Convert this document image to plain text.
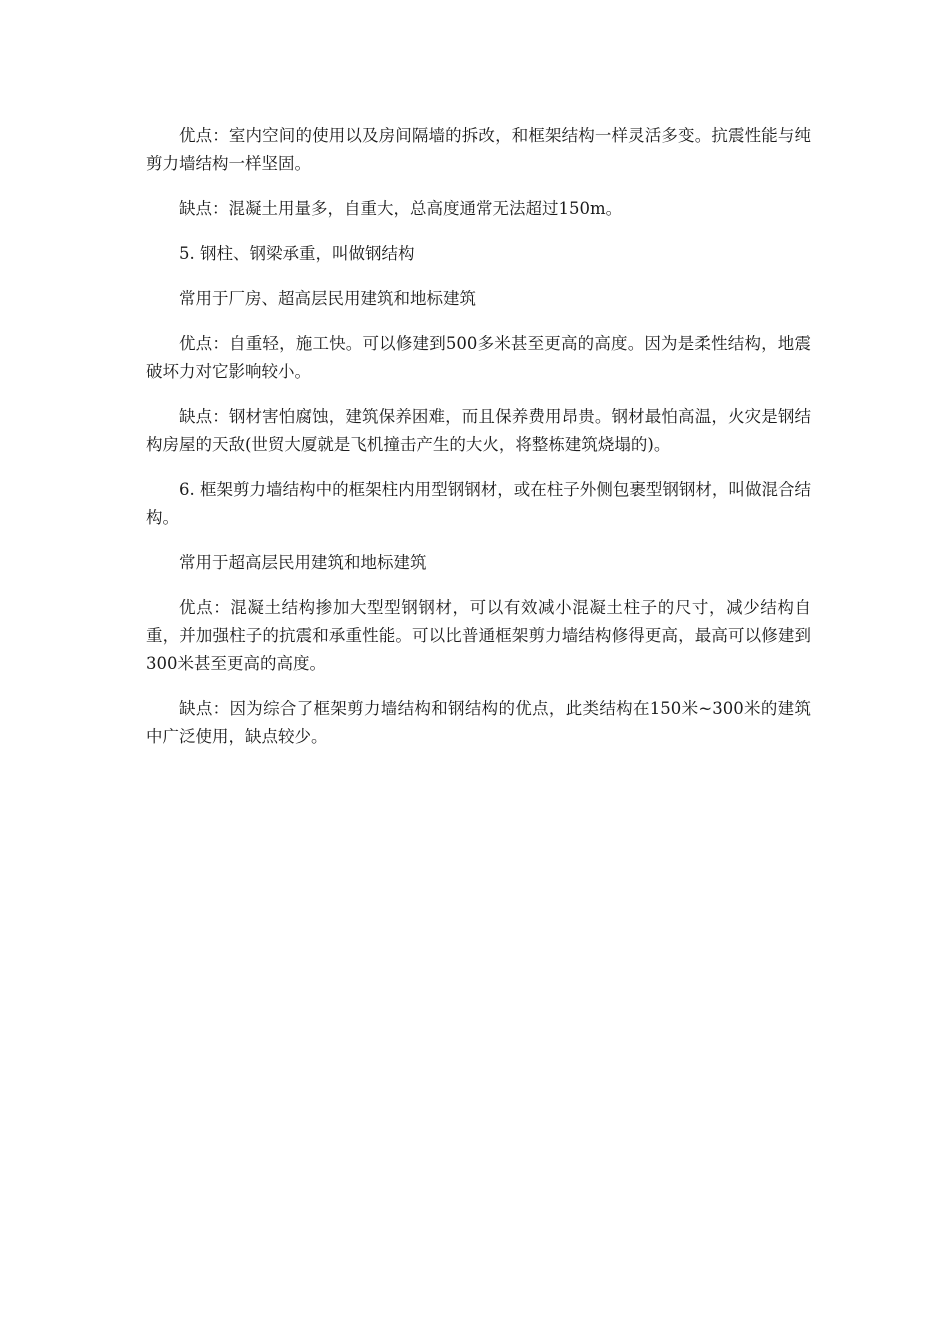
优点：室内空间的使用以及房间隔墙的拆改，和框架结构一样灵活多变。抗震性能与纯剪力墙结构一样坚固。

缺点：混凝土用量多，自重大，总高度通常无法超过150m。

5. 钢柱、钢梁承重，叫做钢结构

常用于厂房、超高层民用建筑和地标建筑

优点：自重轻，施工快。可以修建到500多米甚至更高的高度。因为是柔性结构，地震破坏力对它影响较小。

缺点：钢材害怕腐蚀，建筑保养困难，而且保养费用昂贵。钢材最怕高温，火灾是钢结构房屋的天敌(世贸大厦就是飞机撞击产生的大火，将整栋建筑烧塌的)。

6. 框架剪力墙结构中的框架柱内用型钢钢材，或在柱子外侧包裹型钢钢材，叫做混合结构。

常用于超高层民用建筑和地标建筑

优点：混凝土结构掺加大型型钢钢材，可以有效减小混凝土柱子的尺寸，减少结构自重，并加强柱子的抗震和承重性能。可以比普通框架剪力墙结构修得更高，最高可以修建到300米甚至更高的高度。

缺点：因为综合了框架剪力墙结构和钢结构的优点，此类结构在150米~300米的建筑中广泛使用，缺点较少。
